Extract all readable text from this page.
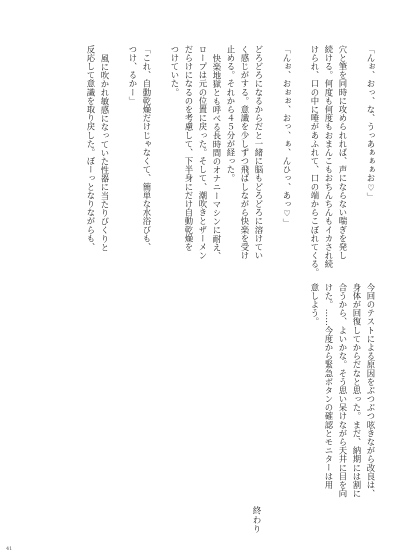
「んぉ、おっ、な、うっあぁぁぁお♡」
穴と筆を同時に攻められれば、声にならない喘ぎを発し
続ける。何度も何度もおまんこもおちんちんもイカされ続
けられ、口の中に唾があふれて、口の端からこぼれてくる。
「んぉ、おぉぉ、おっ、ぁ、んひっ、あっ♡」
どろどろになるからだと一緒に脳もどろどろに溶けてい
く感じがする。意識を少しずつ飛ばしながら快楽を受け
止める。それから４５分が経った。
快楽地獄とも呼べる長時間のオナニーマシンに耐え、
ロープは元の位置に戻った。そして、潮吹きとザーメン
だらけになるのを考慮して、下半身にだけ自動乾燥を
つけていた。
「これ、自動乾燥だけじゃなくて、簡単な水浴びも、
つけ、るかー」
風に吹かれ敏感になっていた性器に当たりびくりと
反応して意識を取り戻した。ぼーっとなりながらも、
今回のテストによる原因をぶつぶつ呟きながら改良は、
身体が回復してからだなと思った。まだ、納期には割に
合うから、よいかな。そう思い呆けながら天井に目を向
けた。……今度から緊急ボタンの確認とモニターは用
意しよう。
終わり
41
